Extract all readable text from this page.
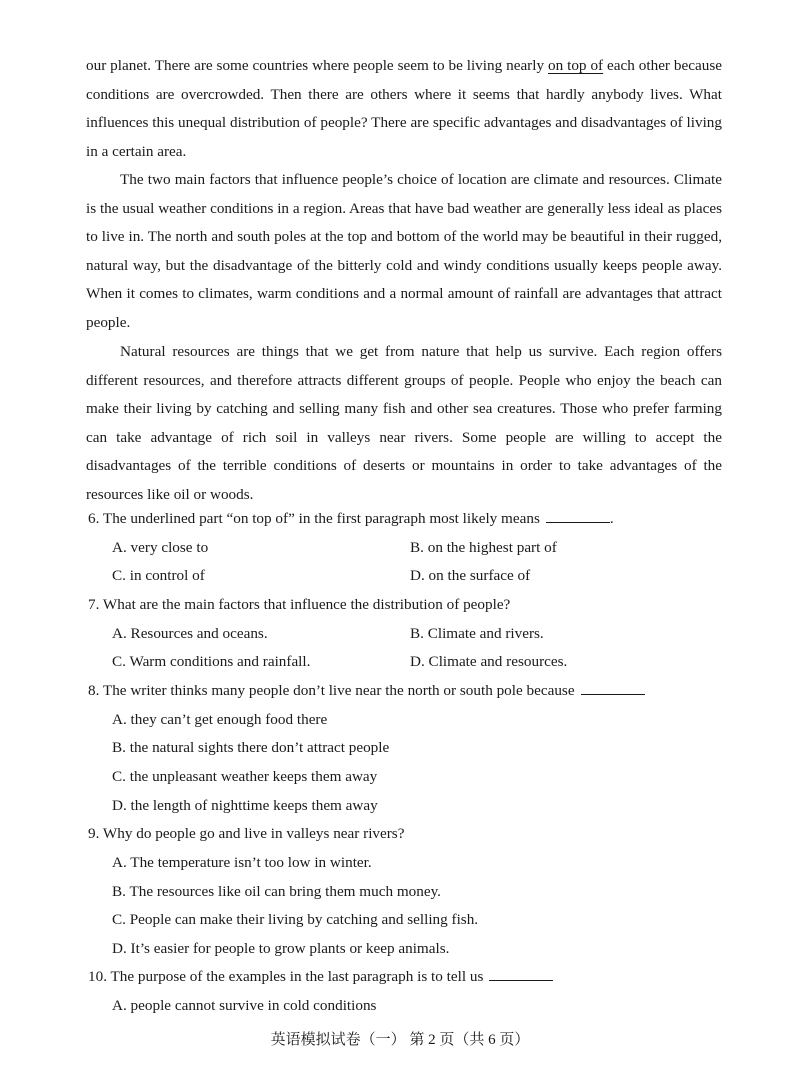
our planet. There are some countries where people seem to be living nearly on top of each other because conditions are overcrowded. Then there are others where it seems that hardly anybody lives. What influences this unequal distribution of people? There are specific advantages and disadvantages of living in a certain area.

The two main factors that influence people’s choice of location are climate and resources. Climate is the usual weather conditions in a region. Areas that have bad weather are generally less ideal as places to live in. The north and south poles at the top and bottom of the world may be beautiful in their rugged, natural way, but the disadvantage of the bitterly cold and windy conditions usually keeps people away. When it comes to climates, warm conditions and a normal amount of rainfall are advantages that attract people.

Natural resources are things that we get from nature that help us survive. Each region offers different resources, and therefore attracts different groups of people. People who enjoy the beach can make their living by catching and selling many fish and other sea creatures. Those who prefer farming can take advantage of rich soil in valleys near rivers. Some people are willing to accept the disadvantages of the terrible conditions of deserts or mountains in order to take advantages of the resources like oil or woods.

6. The underlined part “on top of” in the first paragraph most likely means	.
A. very close to	B. on the highest part of
C. in control of	D. on the surface of
7. What are the main factors that influence the distribution of people?
A. Resources and oceans.	B. Climate and rivers.
C. Warm conditions and rainfall.	D. Climate and resources.
8. The writer thinks many people don’t live near the north or south pole because
A. they can’t get enough food there
B. the natural sights there don’t attract people
C. the unpleasant weather keeps them away
D. the length of nighttime keeps them away
9. Why do people go and live in valleys near rivers?
A. The temperature isn’t too low in winter.
B. The resources like oil can bring them much money.
C. People can make their living by catching and selling fish.
D. It’s easier for people to grow plants or keep animals.
10. The purpose of the examples in the last paragraph is to tell us
A. people cannot survive in cold conditions
英语模拟试卷（一） 第 2 页（共 6 页）
